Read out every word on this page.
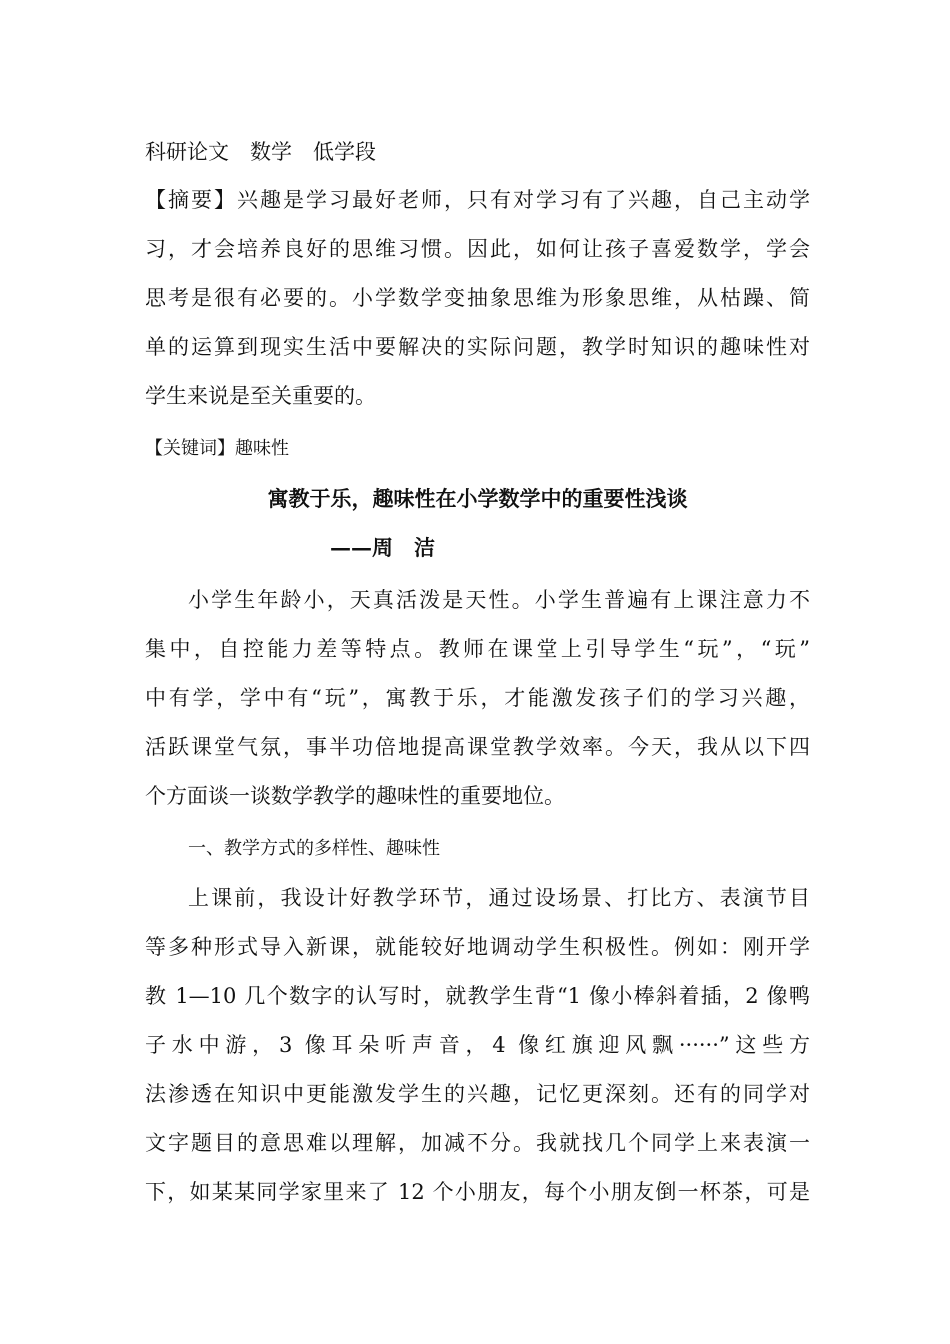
科研论文　数学　低学段
【摘要】兴趣是学习最好老师，只有对学习有了兴趣，自己主动学
习，才会培养良好的思维习惯。因此，如何让孩子喜爱数学，学会
思考是很有必要的。小学数学变抽象思维为形象思维，从枯躁、简
单的运算到现实生活中要解决的实际问题，教学时知识的趣味性对
学生来说是至关重要的。
【关键词】趣味性
寓教于乐，趣味性在小学数学中的重要性浅谈
——周　洁
小学生年龄小，天真活泼是天性。小学生普遍有上课注意力不
集中，自控能力差等特点。教师在课堂上引导学生“玩”，“玩”
中有学，学中有“玩”，寓教于乐，才能激发孩子们的学习兴趣，
活跃课堂气氛，事半功倍地提高课堂教学效率。今天，我从以下四
个方面谈一谈数学教学的趣味性的重要地位。
一、教学方式的多样性、趣味性
上课前，我设计好教学环节，通过设场景、打比方、表演节目
等多种形式导入新课，就能较好地调动学生积极性。例如：刚开学
教 1—10 几个数字的认写时，就教学生背“1 像小棒斜着插，2 像鸭
子水中游，3 像耳朵听声音，4 像红旗迎风飘······”这些方
法渗透在知识中更能激发学生的兴趣，记忆更深刻。还有的同学对
文字题目的意思难以理解，加减不分。我就找几个同学上来表演一
下，如某某同学家里来了 12 个小朋友，每个小朋友倒一杯茶，可是
